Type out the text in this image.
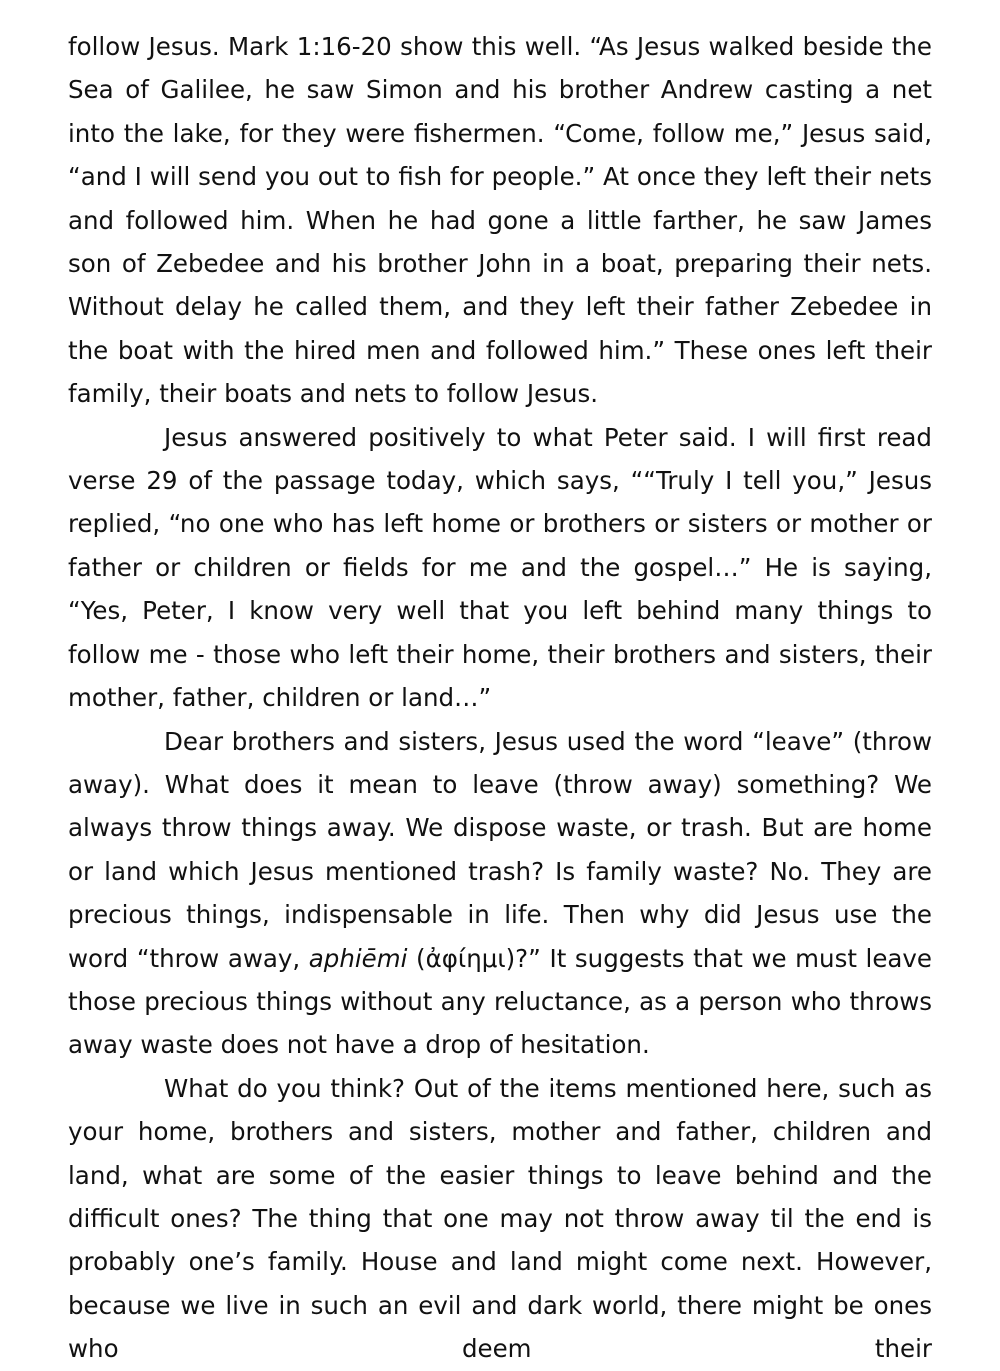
follow Jesus. Mark 1:16-20 show this well. “As Jesus walked beside the Sea of Galilee, he saw Simon and his brother Andrew casting a net into the lake, for they were fishermen. “Come, follow me,” Jesus said, “and I will send you out to fish for people.” At once they left their nets and followed him. When he had gone a little farther, he saw James son of Zebedee and his brother John in a boat, preparing their nets. Without delay he called them, and they left their father Zebedee in the boat with the hired men and followed him.” These ones left their family, their boats and nets to follow Jesus.

Jesus answered positively to what Peter said. I will first read verse 29 of the passage today, which says, ““Truly I tell you,” Jesus replied, “no one who has left home or brothers or sisters or mother or father or children or fields for me and the gospel…” He is saying, “Yes, Peter, I know very well that you left behind many things to follow me - those who left their home, their brothers and sisters, their mother, father, children or land…”

Dear brothers and sisters, Jesus used the word “leave” (throw away). What does it mean to leave (throw away) something? We always throw things away. We dispose waste, or trash. But are home or land which Jesus mentioned trash? Is family waste? No. They are precious things, indispensable in life. Then why did Jesus use the word “throw away, aphiēmi (ἀφίημι)?” It suggests that we must leave those precious things without any reluctance, as a person who throws away waste does not have a drop of hesitation.

What do you think? Out of the items mentioned here, such as your home, brothers and sisters, mother and father, children and land, what are some of the easier things to leave behind and the difficult ones? The thing that one may not throw away til the end is probably one’s family. House and land might come next. However, because we live in such an evil and dark world, there might be ones who deem their
